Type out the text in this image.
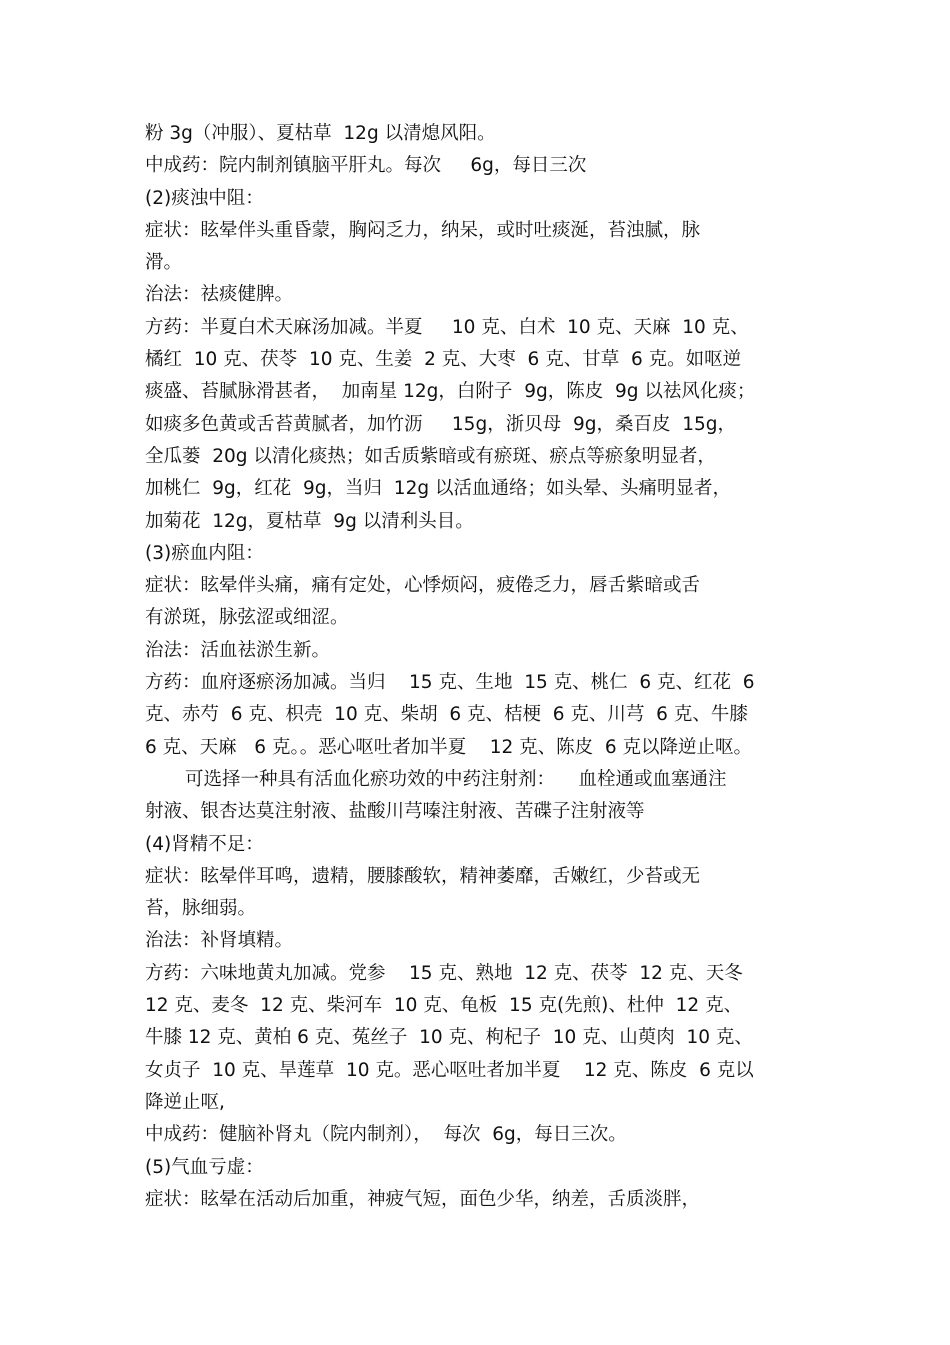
粉 3g（冲服）、夏枯草  12g 以清熄风阳。
中成药：院内制剂镇脑平肝丸。每次     6g，每日三次
(2)痰浊中阻：
症状：眩晕伴头重昏蒙，胸闷乏力，纳呆，或时吐痰涎，苔浊腻，脉
滑。
治法：祛痰健脾。
方药：半夏白术天麻汤加减。半夏     10 克、白术  10 克、天麻  10 克、
橘红  10 克、茯苓  10 克、生姜  2 克、大枣  6 克、甘草  6 克。如呕逆
痰盛、苔腻脉滑甚者，  加南星 12g，白附子  9g，陈皮  9g 以祛风化痰；
如痰多色黄或舌苔黄腻者，加竹沥     15g，浙贝母  9g，桑百皮  15g，
全瓜蒌  20g 以清化痰热；如舌质紫暗或有瘀斑、瘀点等瘀象明显者，
加桃仁  9g，红花  9g，当归  12g 以活血通络；如头晕、头痛明显者，
加菊花  12g，夏枯草  9g 以清利头目。
(3)瘀血内阻：
症状：眩晕伴头痛，痛有定处，心悸烦闷，疲倦乏力，唇舌紫暗或舌
有淤斑，脉弦涩或细涩。
治法：活血祛淤生新。
方药：血府逐瘀汤加减。当归    15 克、生地  15 克、桃仁  6 克、红花  6
克、赤芍  6 克、枳壳  10 克、柴胡  6 克、桔梗  6 克、川芎  6 克、牛膝
6 克、天麻   6 克。。恶心呕吐者加半夏    12 克、陈皮  6 克以降逆止呕。
可选择一种具有活血化瘀功效的中药注射剂：    血栓通或血塞通注
射液、银杏达莫注射液、盐酸川芎嗪注射液、苦碟子注射液等
(4)肾精不足：
症状：眩晕伴耳鸣，遗精，腰膝酸软，精神萎靡，舌嫩红，少苔或无
苔，脉细弱。
治法：补肾填精。
方药：六味地黄丸加减。党参    15 克、熟地  12 克、茯苓  12 克、天冬
12 克、麦冬  12 克、柴河车  10 克、龟板  15 克(先煎)、杜仲  12 克、
牛膝 12 克、黄柏 6 克、菟丝子  10 克、枸杞子  10 克、山萸肉  10 克、
女贞子  10 克、旱莲草  10 克。恶心呕吐者加半夏    12 克、陈皮  6 克以
降逆止呕,
中成药：健脑补肾丸（院内制剂），  每次  6g，每日三次。
(5)气血亏虚：
症状：眩晕在活动后加重，神疲气短，面色少华，纳差，舌质淡胖，
